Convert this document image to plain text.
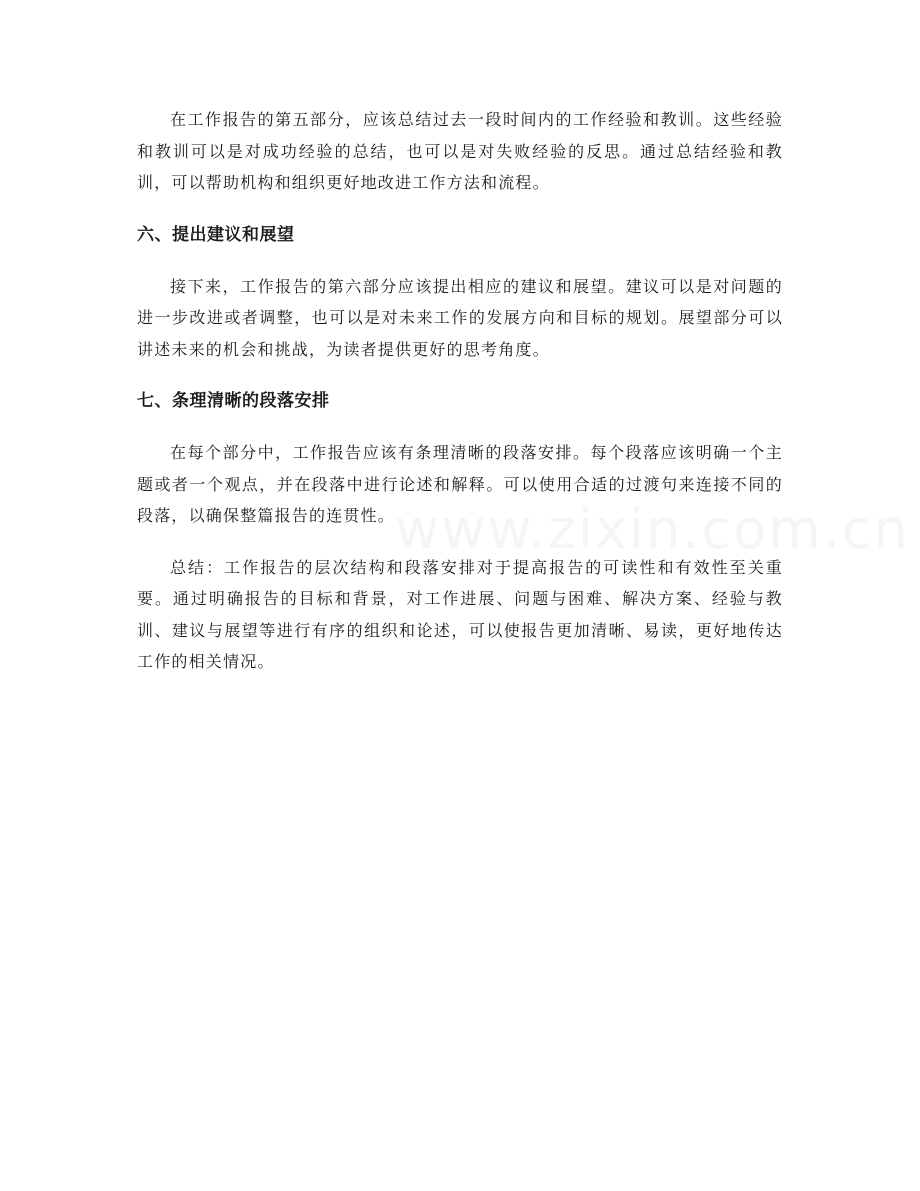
在工作报告的第五部分，应该总结过去一段时间内的工作经验和教训。这些经验和教训可以是对成功经验的总结，也可以是对失败经验的反思。通过总结经验和教训，可以帮助机构和组织更好地改进工作方法和流程。

六、提出建议和展望

接下来，工作报告的第六部分应该提出相应的建议和展望。建议可以是对问题的进一步改进或者调整，也可以是对未来工作的发展方向和目标的规划。展望部分可以讲述未来的机会和挑战，为读者提供更好的思考角度。

七、条理清晰的段落安排

在每个部分中，工作报告应该有条理清晰的段落安排。每个段落应该明确一个主题或者一个观点，并在段落中进行论述和解释。可以使用合适的过渡句来连接不同的段落，以确保整篇报告的连贯性。

总结：工作报告的层次结构和段落安排对于提高报告的可读性和有效性至关重要。通过明确报告的目标和背景，对工作进展、问题与困难、解决方案、经验与教训、建议与展望等进行有序的组织和论述，可以使报告更加清晰、易读，更好地传达工作的相关情况。

www.zixin.com.cn
